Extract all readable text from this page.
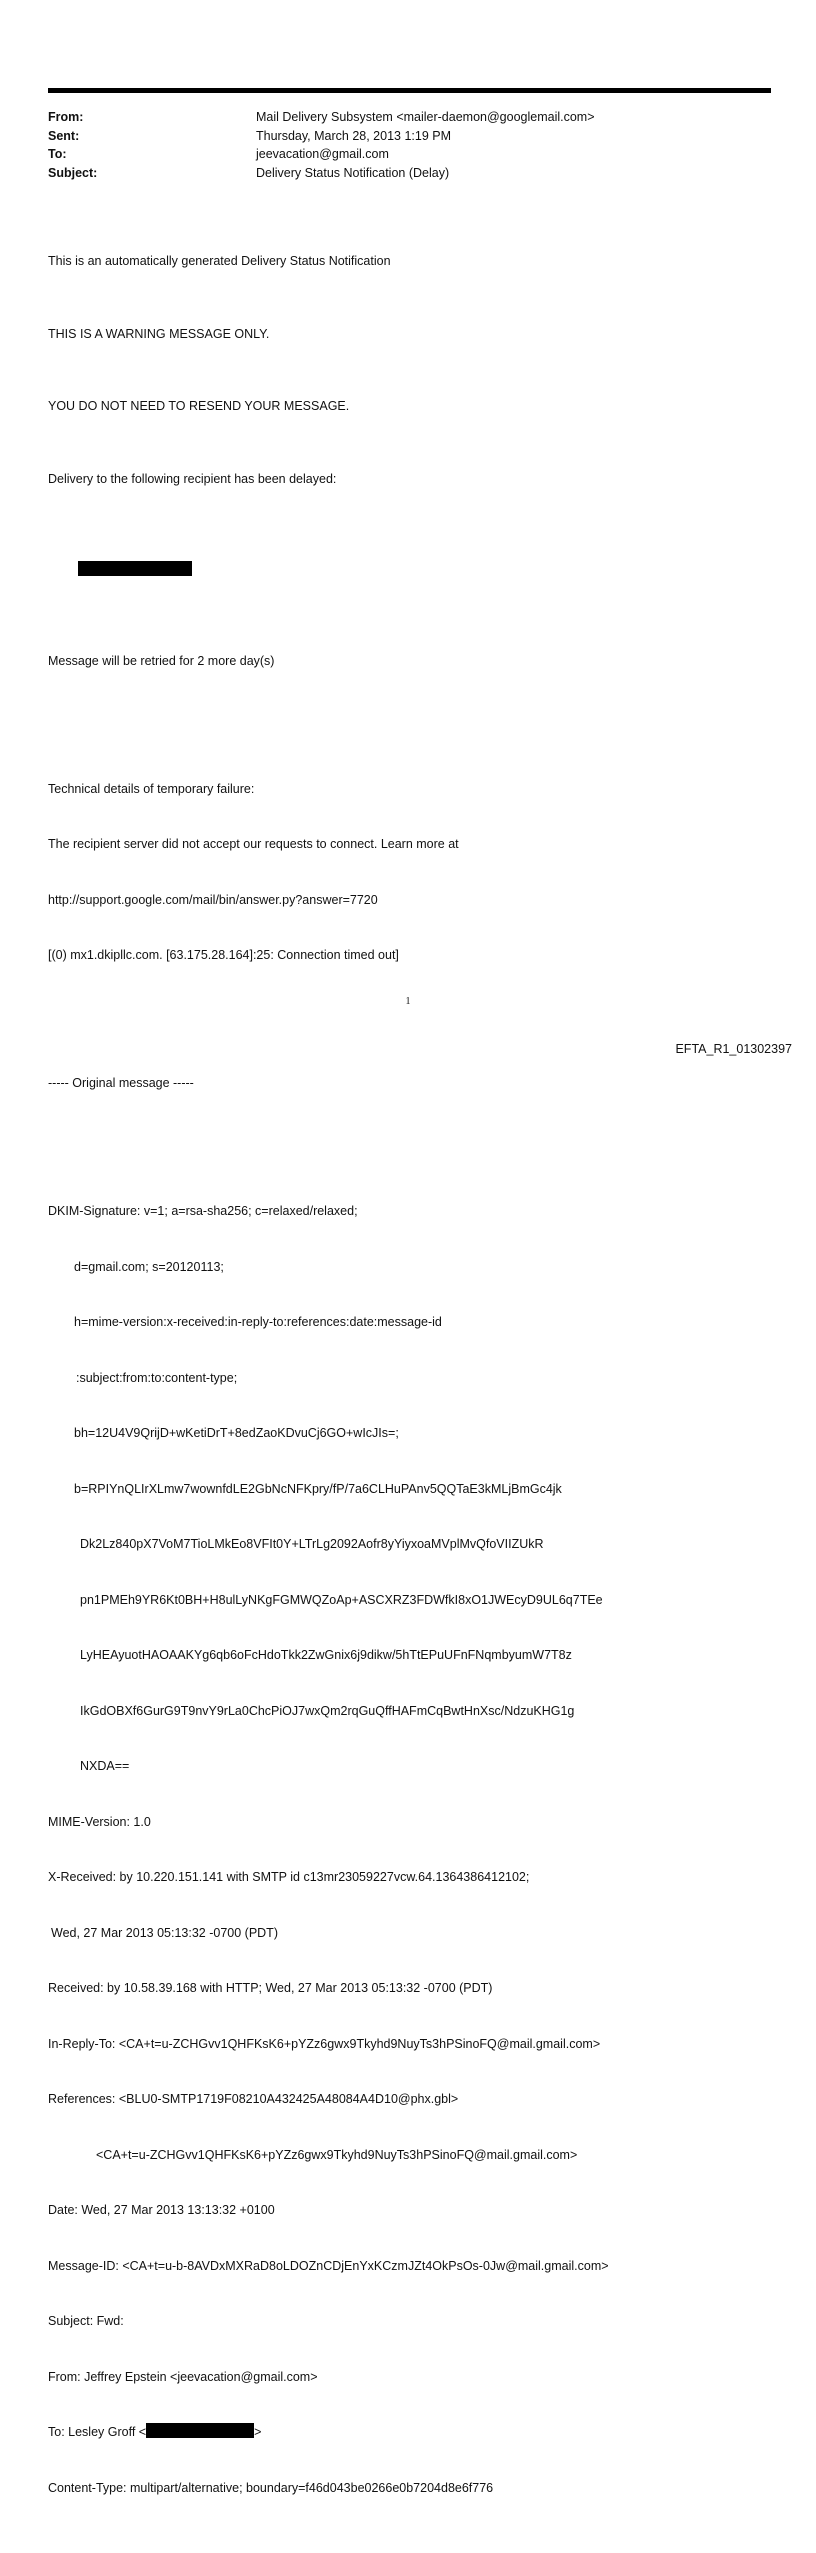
From:	Mail Delivery Subsystem <mailer-daemon@googlemail.com>
Sent:	Thursday, March 28, 2013 1:19 PM
To:	jeevacation@gmail.com
Subject:	Delivery Status Notification (Delay)

This is an automatically generated Delivery Status Notification

THIS IS A WARNING MESSAGE ONLY.

YOU DO NOT NEED TO RESEND YOUR MESSAGE.

Delivery to the following recipient has been delayed:

Message will be retried for 2 more day(s)

Technical details of temporary failure:

The recipient server did not accept our requests to connect. Learn more at

http://support.google.com/mail/bin/answer.py?answer=7720

[(0) mx1.dkipllc.com. [63.175.28.164]:25: Connection timed out]

----- Original message -----

DKIM-Signature: v=1; a=rsa-sha256; c=relaxed/relaxed;

d=gmail.com; s=20120113;

h=mime-version:x-received:in-reply-to:references:date:message-id

:subject:from:to:content-type;

bh=12U4V9QrijD+wKetiDrT+8edZaoKDvuCj6GO+wIcJIs=;

b=RPIYnQLIrXLmw7wownfdLE2GbNcNFKpry/fP/7a6CLHuPAnv5QQTaE3kMLjBmGc4jk

Dk2Lz840pX7VoM7TioLMkEo8VFIt0Y+LTrLg2092Aofr8yYiyxoaMVplMvQfoVIIZUkR

pn1PMEh9YR6Kt0BH+H8ulLyNKgFGMWQZoAp+ASCXRZ3FDWfkI8xO1JWEcyD9UL6q7TEe

LyHEAyuotHAOAAKYg6qb6oFcHdoTkk2ZwGnix6j9dikw/5hTtEPuUFnFNqmbyumW7T8z

IkGdOBXf6GurG9T9nvY9rLa0ChcPiOJ7wxQm2rqGuQffHAFmCqBwtHnXsc/NdzuKHG1g

NXDA==

MIME-Version: 1.0

X-Received: by 10.220.151.141 with SMTP id c13mr23059227vcw.64.1364386412102;

Wed, 27 Mar 2013 05:13:32 -0700 (PDT)

Received: by 10.58.39.168 with HTTP; Wed, 27 Mar 2013 05:13:32 -0700 (PDT)

In-Reply-To: <CA+t=u-ZCHGvv1QHFKsK6+pYZz6gwx9Tkyhd9NuyTs3hPSinoFQ@mail.gmail.com>

References: <BLU0-SMTP1719F08210A432425A48084A4D10@phx.gbl>

<CA+t=u-ZCHGvv1QHFKsK6+pYZz6gwx9Tkyhd9NuyTs3hPSinoFQ@mail.gmail.com>

Date: Wed, 27 Mar 2013 13:13:32 +0100

Message-ID: <CA+t=u-b-8AVDxMXRaD8oLDOZnCDjEnYxKCzmJZt4OkPsOs-0Jw@mail.gmail.com>

Subject: Fwd:

From: Jeffrey Epstein <jeevacation@gmail.com>

To: Lesley Groff <	>

Content-Type: multipart/alternative; boundary=f46d043be0266e0b7204d8e6f776

1
EFTA_R1_01302397
